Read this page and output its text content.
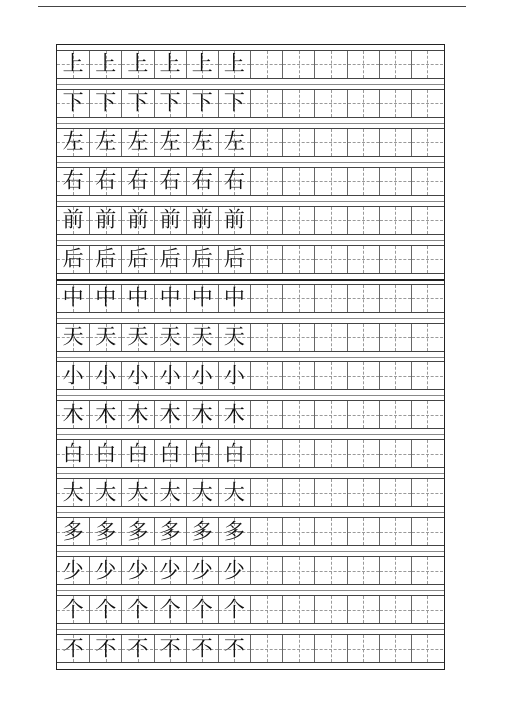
上 上 上 上 上 上
下 下 下 下 下 下
左 左 左 左 左 左
右 右 右 右 右 右
前 前 前 前 前 前
后 后 后 后 后 后
中 中 中 中 中 中
天 天 天 天 天 天
小 小 小 小 小 小
木 木 木 木 木 木
白 白 白 白 白 白
大 大 大 大 大 大
多 多 多 多 多 多
少 少 少 少 少 少
个 个 个 个 个 个
不 不 不 不 不 不
